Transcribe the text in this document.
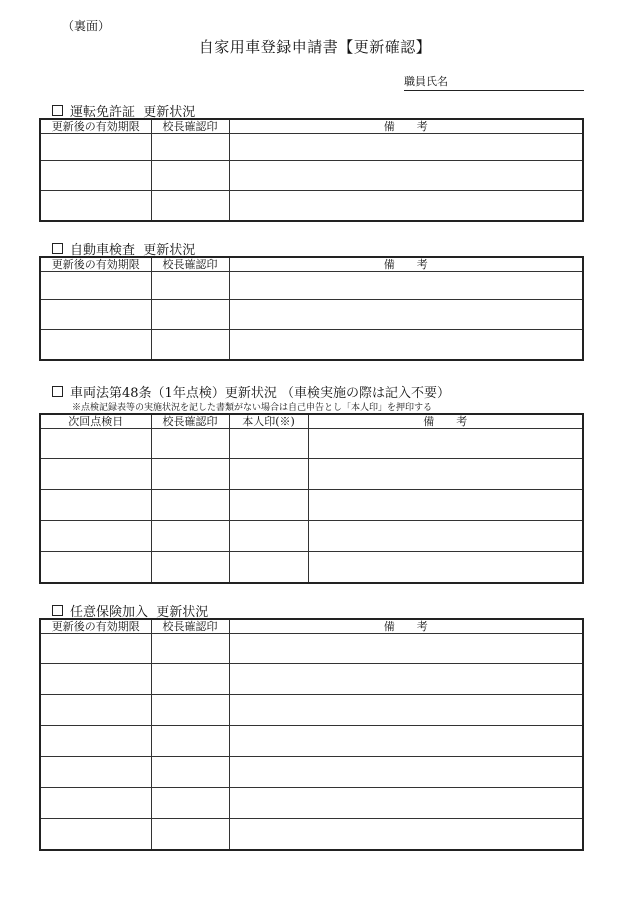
（裏面）
自家用車登録申請書【更新確認】
職員氏名
運転免許証 更新状況
更新後の有効期限	校長確認印	備　　考

自動車検査 更新状況
更新後の有効期限	校長確認印	備　　考

車両法第48条（1年点検）更新状況 （車検実施の際は記入不要）
※点検記録表等の実施状況を記した書類がない場合は自己申告とし「本人印」を押印する
次回点検日	校長確認印	本人印(※)	備　　考

任意保険加入 更新状況
更新後の有効期限	校長確認印	備　　考
